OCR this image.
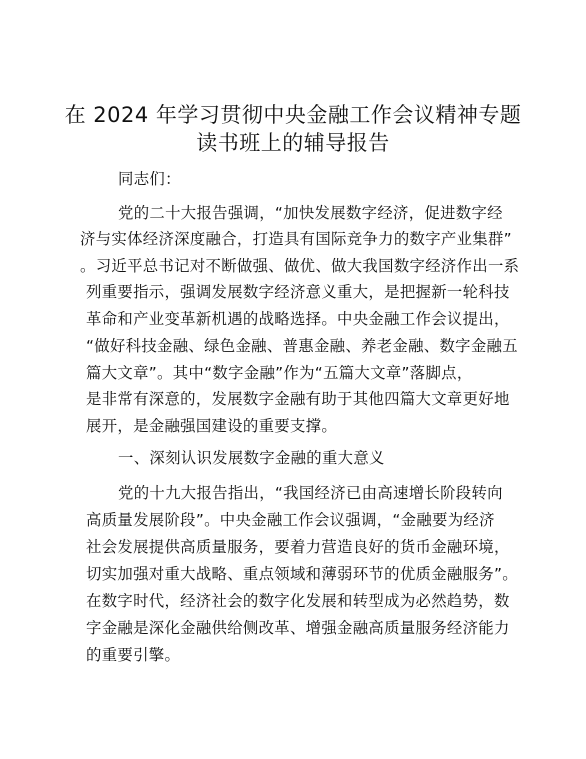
在 2024 年学习贯彻中央金融工作会议精神专题
读书班上的辅导报告
同志们：
党的二十大报告强调，“加快发展数字经济，促进数字经
济与实体经济深度融合，打造具有国际竞争力的数字产业集群”
。习近平总书记对不断做强、做优、做大我国数字经济作出一系
列重要指示，强调发展数字经济意义重大，是把握新一轮科技
革命和产业变革新机遇的战略选择。中央金融工作会议提出，
“做好科技金融、绿色金融、普惠金融、养老金融、数字金融五
篇大文章”。其中“数字金融”作为“五篇大文章”落脚点，
是非常有深意的，发展数字金融有助于其他四篇大文章更好地
展开，是金融强国建设的重要支撑。
一、深刻认识发展数字金融的重大意义
党的十九大报告指出，“我国经济已由高速增长阶段转向
高质量发展阶段”。中央金融工作会议强调，“金融要为经济
社会发展提供高质量服务，要着力营造良好的货币金融环境，
切实加强对重大战略、重点领域和薄弱环节的优质金融服务”。
在数字时代，经济社会的数字化发展和转型成为必然趋势，数
字金融是深化金融供给侧改革、增强金融高质量服务经济能力
的重要引擎。
